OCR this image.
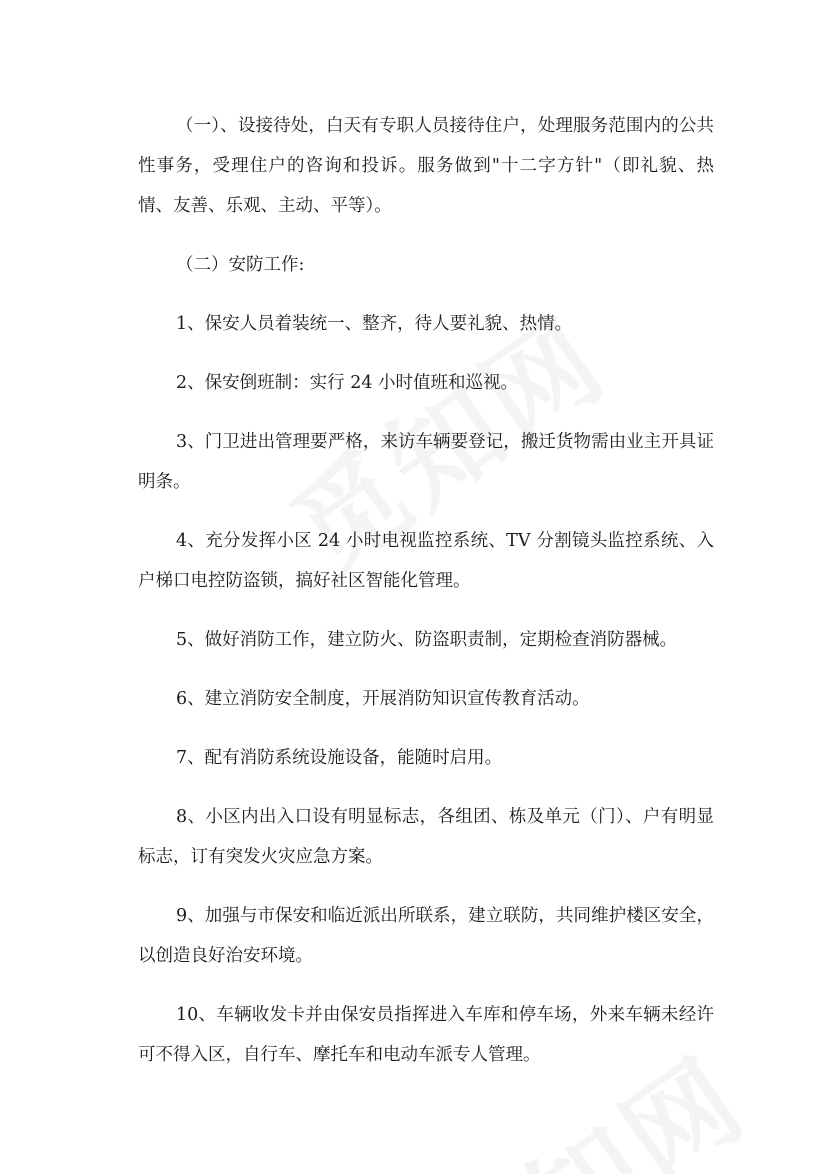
（一）、设接待处，白天有专职人员接待住户，处理服务范围内的公共性事务，受理住户的咨询和投诉。服务做到"十二字方针"（即礼貌、热情、友善、乐观、主动、平等）。

（二）安防工作:

1、保安人员着装统一、整齐，待人要礼貌、热情。

2、保安倒班制：实行 24 小时值班和巡视。

3、门卫进出管理要严格，来访车辆要登记，搬迁货物需由业主开具证明条。

4、充分发挥小区 24 小时电视监控系统、TV 分割镜头监控系统、入户梯口电控防盗锁，搞好社区智能化管理。

5、做好消防工作，建立防火、防盗职责制，定期检查消防器械。

6、建立消防安全制度，开展消防知识宣传教育活动。

7、配有消防系统设施设备，能随时启用。

8、小区内出入口设有明显标志，各组团、栋及单元（门）、户有明显标志，订有突发火灾应急方案。

9、加强与市保安和临近派出所联系，建立联防，共同维护楼区安全，以创造良好治安环境。

10、车辆收发卡并由保安员指挥进入车库和停车场，外来车辆未经许可不得入区，自行车、摩托车和电动车派专人管理。
